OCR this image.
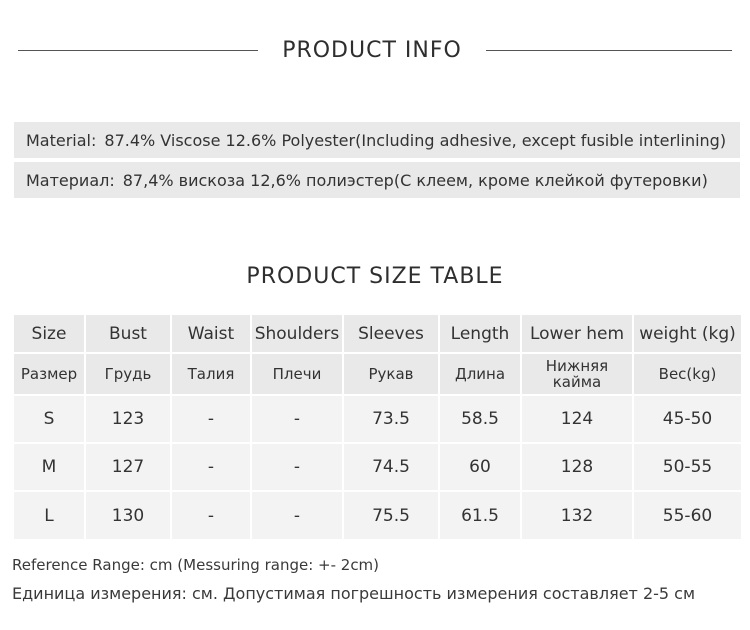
PRODUCT INFO
Material: 87.4% Viscose 12.6% Polyester(Including adhesive, except fusible interlining)
Материал: 87,4% вискоза 12,6% полиэстер(С клеем, кроме клейкой футеровки)
PRODUCT SIZE TABLE
Size	Bust	Waist	Shoulders	Sleeves	Length	Lower hem	weight (kg)
Размер	Грудь	Талия	Плечи	Рукав	Длина	Нижняя кайма	Вес(kg)
S	123	-	-	73.5	58.5	124	45-50
M	127	-	-	74.5	60	128	50-55
L	130	-	-	75.5	61.5	132	55-60
Reference Range: cm (Messuring range: +- 2cm)
Единица измерения: см. Допустимая погрешность измерения составляет 2-5 см
